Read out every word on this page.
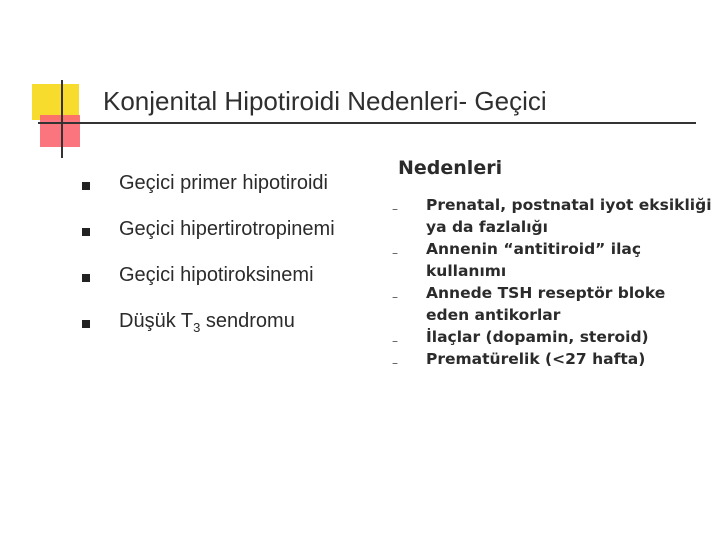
Konjenital Hipotiroidi Nedenleri- Geçici
Geçici primer hipotiroidi
Geçici hipertirotropinemi
Geçici hipotiroksinemi
Düşük $T_3$ sendromu
Nedenleri
–	Prenatal, postnatal iyot eksikliği ya da fazlalığı
–	Annenin “antitiroid” ilaç kullanımı
–	Annede TSH reseptör bloke eden antikorlar
–	İlaçlar (dopamin, steroid)
–	Prematürelik (<27 hafta)
